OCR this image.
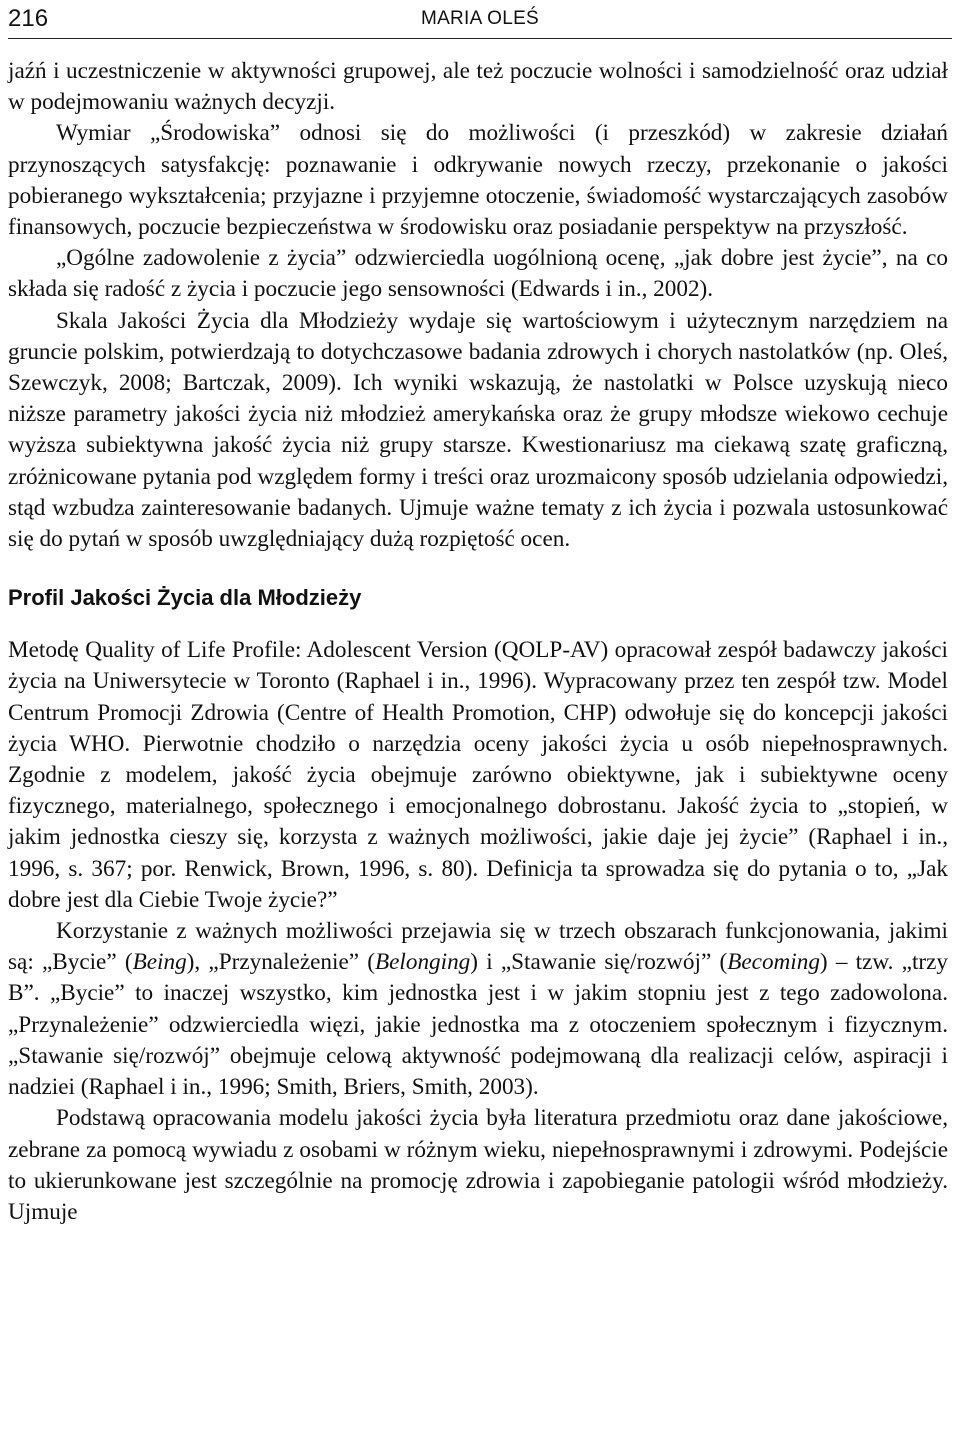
216	MARIA OLEŚ

jaźń i uczestniczenie w aktywności grupowej, ale też poczucie wolności i samodzielność oraz udział w podejmowaniu ważnych decyzji.

Wymiar „Środowiska” odnosi się do możliwości (i przeszkód) w zakresie działań przynoszących satysfakcję: poznawanie i odkrywanie nowych rzeczy, przekonanie o jakości pobieranego wykształcenia; przyjazne i przyjemne otoczenie, świadomość wystarczających zasobów finansowych, poczucie bezpieczeństwa w środowisku oraz posiadanie perspektyw na przyszłość.

„Ogólne zadowolenie z życia” odzwierciedla uogólnioną ocenę, „jak dobre jest życie”, na co składa się radość z życia i poczucie jego sensowności (Edwards i in., 2002).

Skala Jakości Życia dla Młodzieży wydaje się wartościowym i użytecznym narzędziem na gruncie polskim, potwierdzają to dotychczasowe badania zdrowych i chorych nastolatków (np. Oleś, Szewczyk, 2008; Bartczak, 2009). Ich wyniki wskazują, że nastolatki w Polsce uzyskują nieco niższe parametry jakości życia niż młodzież amerykańska oraz że grupy młodsze wiekowo cechuje wyższa subiektywna jakość życia niż grupy starsze. Kwestionariusz ma ciekawą szatę graficzną, zróżnicowane pytania pod względem formy i treści oraz urozmaicony sposób udzielania odpowiedzi, stąd wzbudza zainteresowanie badanych. Ujmuje ważne tematy z ich życia i pozwala ustosunkować się do pytań w sposób uwzględniający dużą rozpiętość ocen.

Profil Jakości Życia dla Młodzieży

Metodę Quality of Life Profile: Adolescent Version (QOLP-AV) opracował zespół badawczy jakości życia na Uniwersytecie w Toronto (Raphael i in., 1996). Wypracowany przez ten zespół tzw. Model Centrum Promocji Zdrowia (Centre of Health Promotion, CHP) odwołuje się do koncepcji jakości życia WHO. Pierwotnie chodziło o narzędzia oceny jakości życia u osób niepełnosprawnych. Zgodnie z modelem, jakość życia obejmuje zarówno obiektywne, jak i subiektywne oceny fizycznego, materialnego, społecznego i emocjonalnego dobrostanu. Jakość życia to „stopień, w jakim jednostka cieszy się, korzysta z ważnych możliwości, jakie daje jej życie” (Raphael i in., 1996, s. 367; por. Renwick, Brown, 1996, s. 80). Definicja ta sprowadza się do pytania o to, „Jak dobre jest dla Ciebie Twoje życie?”

Korzystanie z ważnych możliwości przejawia się w trzech obszarach funkcjonowania, jakimi są: „Bycie” (Being), „Przynależenie” (Belonging) i „Stawanie się/rozwój” (Becoming) – tzw. „trzy B”. „Bycie” to inaczej wszystko, kim jednostka jest i w jakim stopniu jest z tego zadowolona. „Przynależenie” odzwierciedla więzi, jakie jednostka ma z otoczeniem społecznym i fizycznym. „Stawanie się/rozwój” obejmuje celową aktywność podejmowaną dla realizacji celów, aspiracji i nadziei (Raphael i in., 1996; Smith, Briers, Smith, 2003).

Podstawą opracowania modelu jakości życia była literatura przedmiotu oraz dane jakościowe, zebrane za pomocą wywiadu z osobami w różnym wieku, niepełnosprawnymi i zdrowymi. Podejście to ukierunkowane jest szczególnie na promocję zdrowia i zapobieganie patologii wśród młodzieży. Ujmuje
